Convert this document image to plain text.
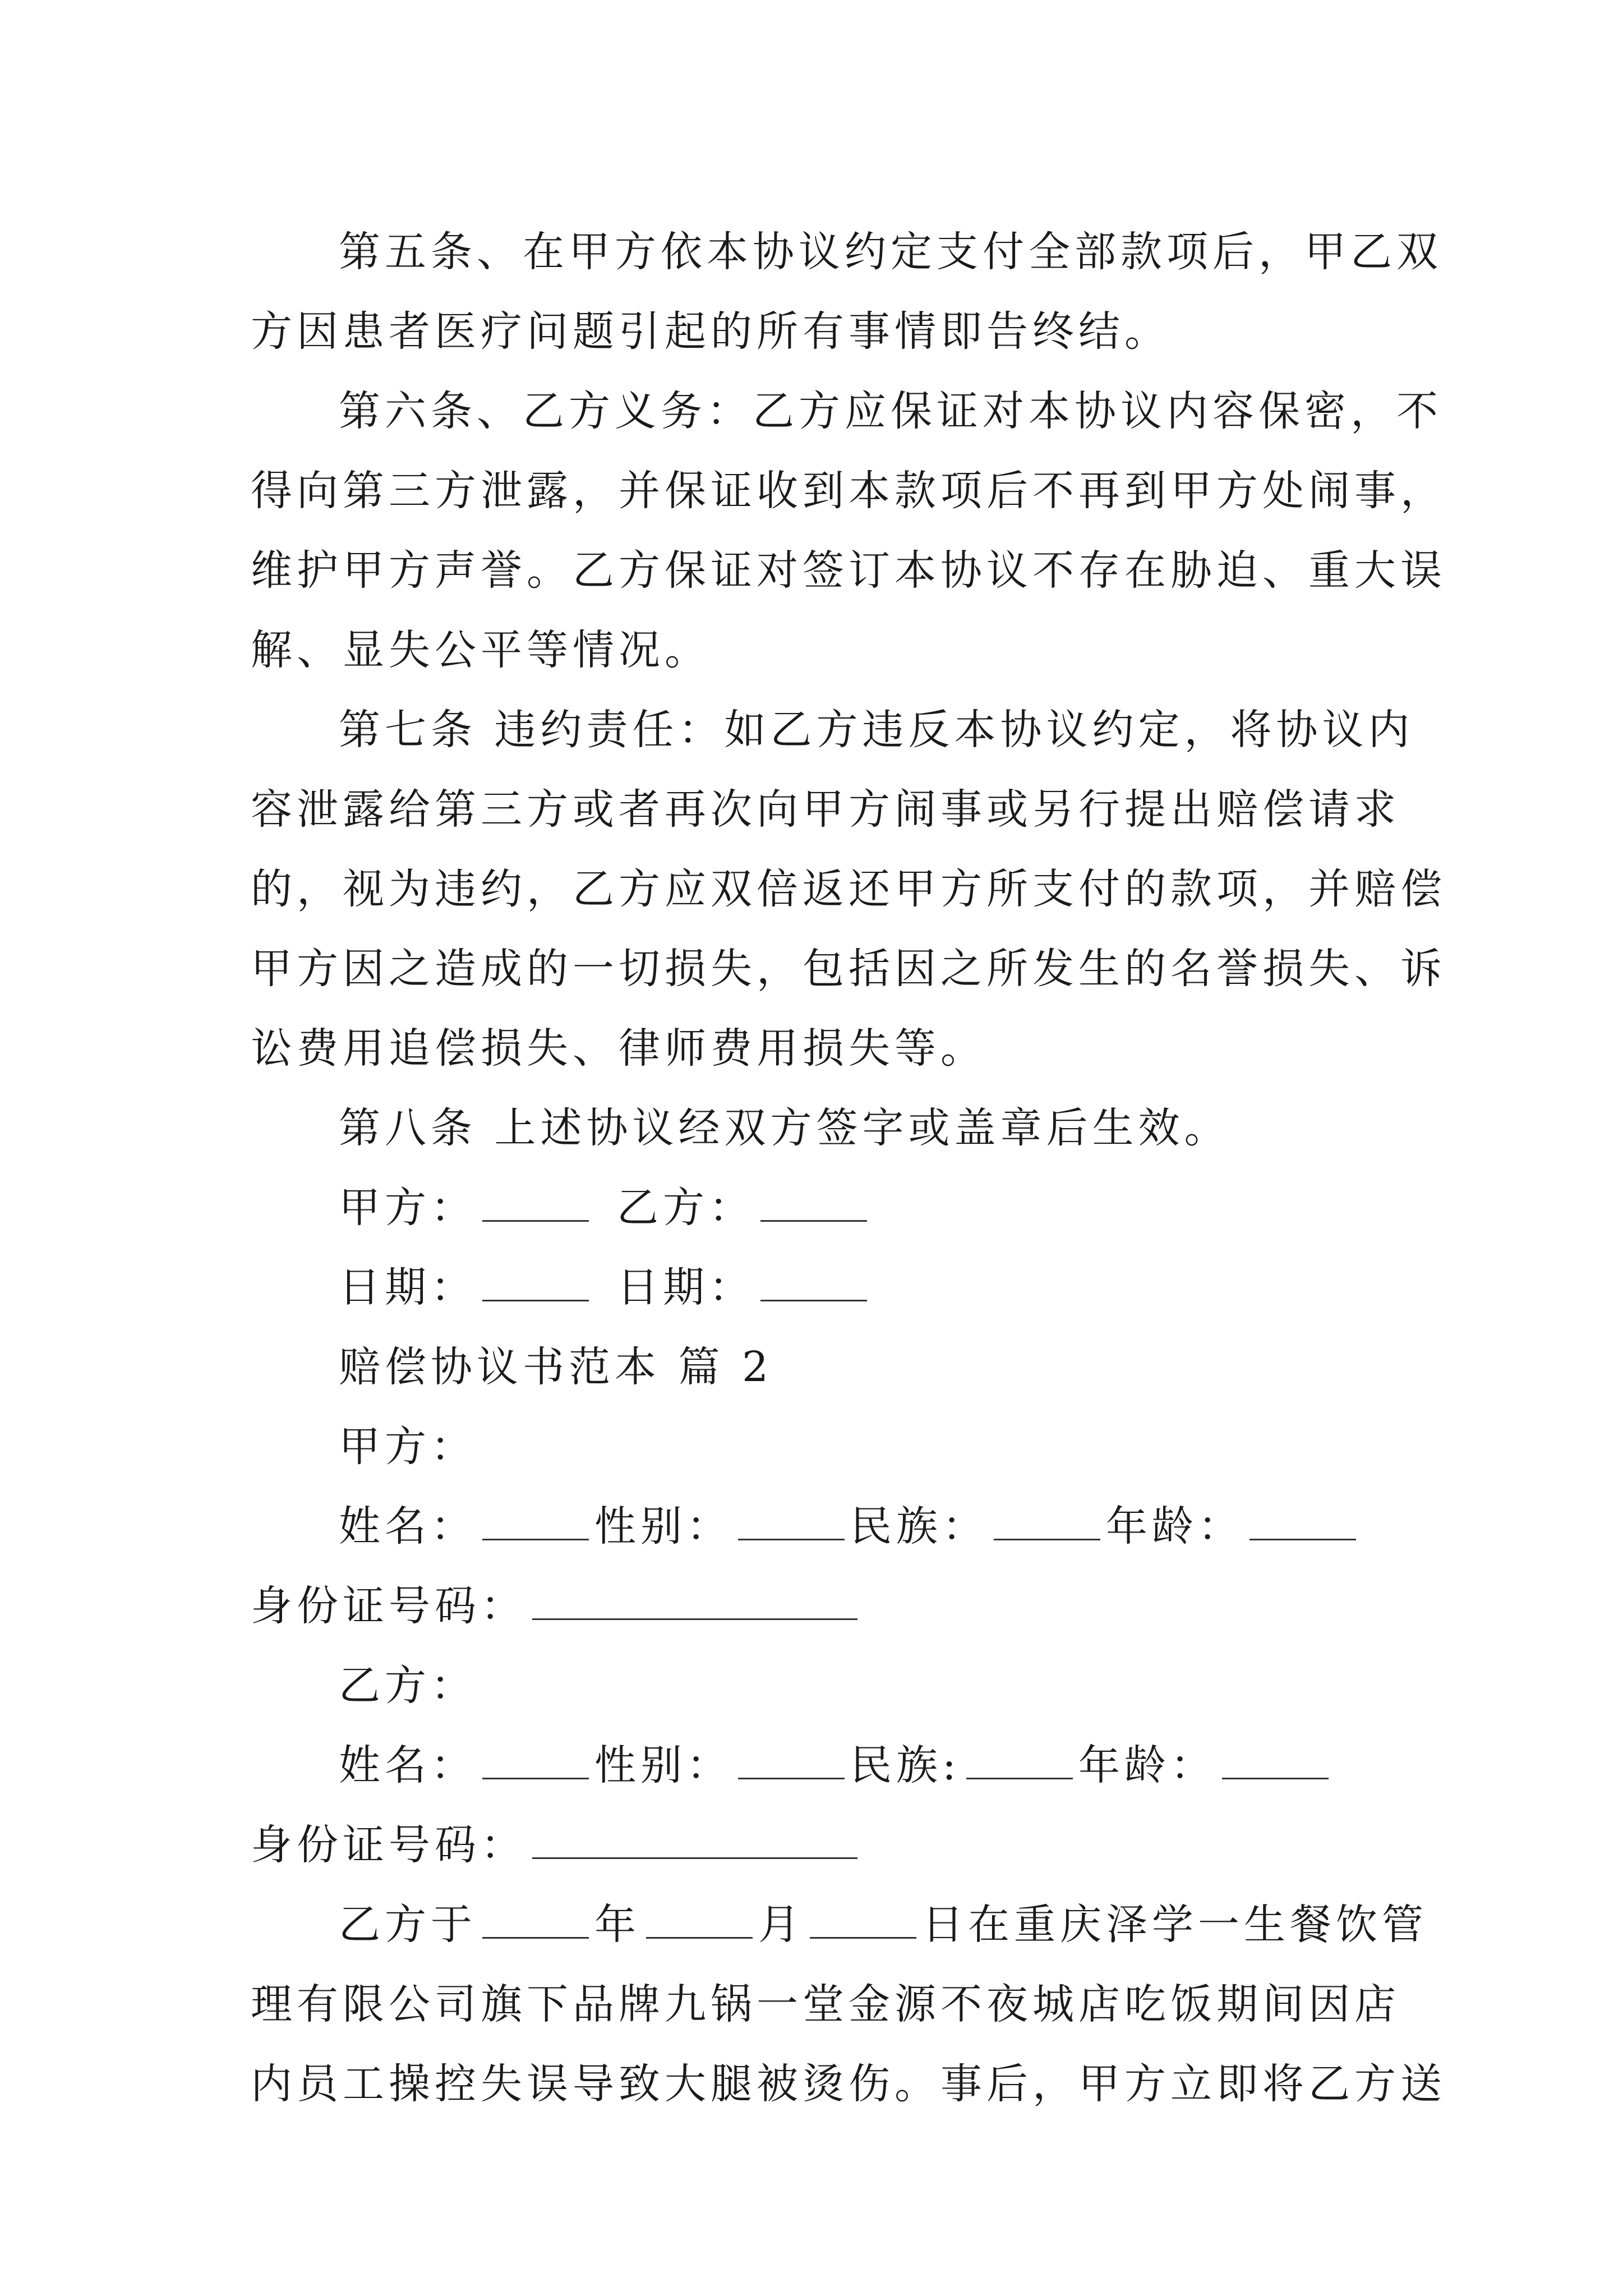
第五条、在甲方依本协议约定支付全部款项后，甲乙双
方因患者医疗问题引起的所有事情即告终结。
第六条、乙方义务：乙方应保证对本协议内容保密，不
得向第三方泄露，并保证收到本款项后不再到甲方处闹事，
维护甲方声誉。乙方保证对签订本协议不存在胁迫、重大误
解、显失公平等情况。
第七条 违约责任：如乙方违反本协议约定，将协议内
容泄露给第三方或者再次向甲方闹事或另行提出赔偿请求
的，视为违约，乙方应双倍返还甲方所支付的款项，并赔偿
甲方因之造成的一切损失，包括因之所发生的名誉损失、诉
讼费用追偿损失、律师费用损失等。
第八条 上述协议经双方签字或盖章后生效。
甲方：	乙方：
日期：	日期：
赔偿协议书范本 篇 2
甲方：
姓名：	性别：	民族：	年龄：
身份证号码：
乙方：
姓名：	性别：	民族:	年龄：
身份证号码：
乙方于	年	月	日在重庆泽学一生餐饮管
理有限公司旗下品牌九锅一堂金源不夜城店吃饭期间因店
内员工操控失误导致大腿被烫伤。事后，甲方立即将乙方送
